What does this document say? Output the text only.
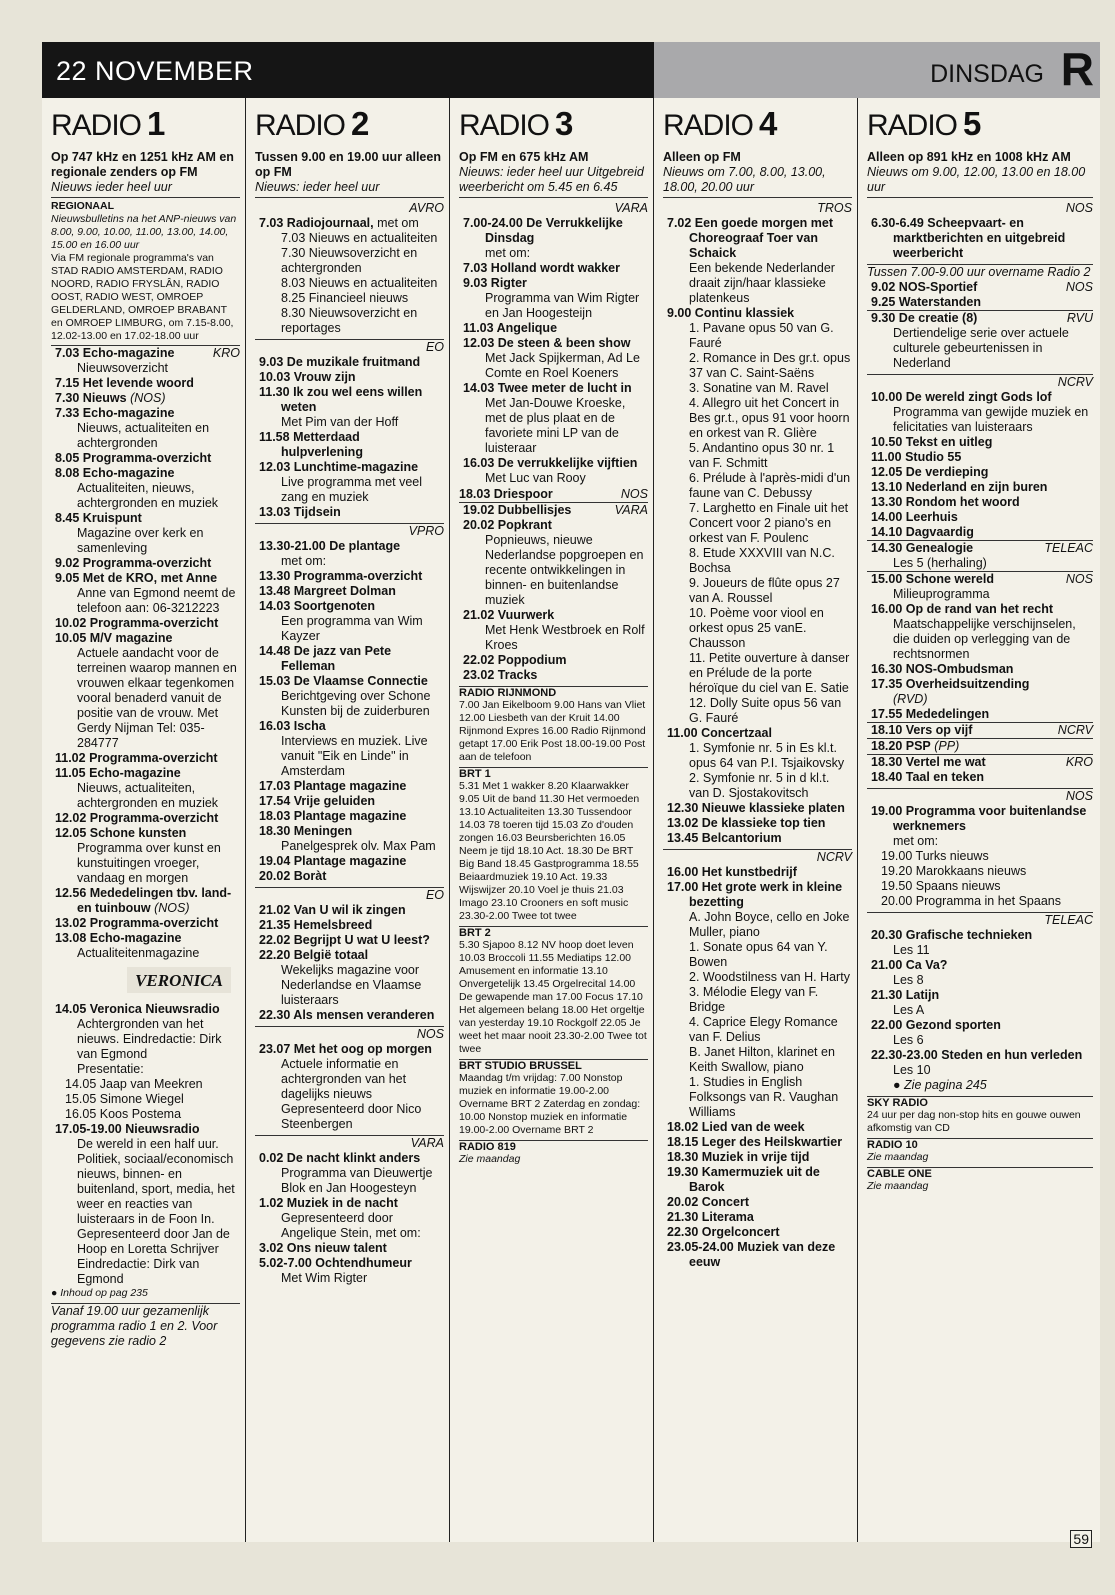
22 NOVEMBER	DINSDAG R
RADIO 1
Op 747 kHz en 1251 kHz AM en regionale zenders op FM
Nieuws ieder heel uur
REGIONAAL
Nieuwsbulletins na het ANP-nieuws van 8.00, 9.00, 10.00, 11.00, 13.00, 14.00, 15.00 en 16.00 uur
Via FM regionale programma's van STAD RADIO AMSTERDAM, RADIO NOORD, RADIO FRYSLÂN, RADIO OOST, RADIO WEST, OMROEP GELDERLAND, OMROEP BRABANT en OMROEP LIMBURG, om 7.15-8.00, 12.02-13.00 en 17.02-18.00 uur
KRO
7.03 Echo-magazine
Nieuwsoverzicht
7.15 Het levende woord
7.30 Nieuws (NOS)
7.33 Echo-magazine
Nieuws, actualiteiten en achtergronden
8.05 Programma-overzicht
8.08 Echo-magazine
Actualiteiten, nieuws, achtergronden en muziek
8.45 Kruispunt
Magazine over kerk en samenleving
9.02 Programma-overzicht
9.05 Met de KRO, met Anne
Anne van Egmond neemt de telefoon aan: 06-3212223
10.02 Programma-overzicht
10.05 M/V magazine
Actuele aandacht voor de terreinen waarop mannen en vrouwen elkaar tegenkomen vooral benaderd vanuit de positie van de vrouw. Met Gerdy Nijman Tel: 035-284777
11.02 Programma-overzicht
11.05 Echo-magazine
Nieuws, actualiteiten, achtergronden en muziek
12.02 Programma-overzicht
12.05 Schone kunsten
Programma over kunst en kunstuitingen vroeger, vandaag en morgen
12.56 Mededelingen tbv. land- en tuinbouw (NOS)
13.02 Programma-overzicht
13.08 Echo-magazine
Actualiteitenmagazine
VERONICA
14.05 Veronica Nieuwsradio
Achtergronden van het nieuws. Eindredactie: Dirk van Egmond
Presentatie:
14.05 Jaap van Meekren
15.05 Simone Wiegel
16.05 Koos Postema
17.05-19.00 Nieuwsradio
De wereld in een half uur. Politiek, sociaal/economisch nieuws, binnen- en buitenland, sport, media, het weer en reacties van luisteraars in de Foon In. Gepresenteerd door Jan de Hoop en Loretta Schrijver Eindredactie: Dirk van Egmond
● Inhoud op pag 235
Vanaf 19.00 uur gezamenlijk programma radio 1 en 2. Voor gegevens zie radio 2
RADIO 2
Tussen 9.00 en 19.00 uur alleen op FM
Nieuws: ieder heel uur
AVRO
7.03 Radiojournaal, met om
7.03 Nieuws en actualiteiten
7.30 Nieuwsoverzicht en achtergronden
8.03 Nieuws en actualiteiten
8.25 Financieel nieuws
8.30 Nieuwsoverzicht en reportages
EO
9.03 De muzikale fruitmand
10.03 Vrouw zijn
11.30 Ik zou wel eens willen weten
Met Pim van der Hoff
11.58 Metterdaad hulpverlening
12.03 Lunchtime-magazine
Live programma met veel zang en muziek
13.03 Tijdsein
VPRO
13.30-21.00 De plantage
met om:
13.30 Programma-overzicht
13.48 Margreet Dolman
14.03 Soortgenoten
Een programma van Wim Kayzer
14.48 De jazz van Pete Felleman
15.03 De Vlaamse Connectie
Berichtgeving over Schone Kunsten bij de zuiderburen
16.03 Ischa
Interviews en muziek. Live vanuit "Eik en Linde" in Amsterdam
17.03 Plantage magazine
17.54 Vrije geluiden
18.03 Plantage magazine
18.30 Meningen
Panelgesprek olv. Max Pam
19.04 Plantage magazine
20.02 Boràt
EO
21.02 Van U wil ik zingen
21.35 Hemelsbreed
22.02 Begrijpt U wat U leest?
22.20 België totaal
Wekelijks magazine voor Nederlandse en Vlaamse luisteraars
22.30 Als mensen veranderen
NOS
23.07 Met het oog op morgen
Actuele informatie en achtergronden van het dagelijks nieuws Gepresenteerd door Nico Steenbergen
VARA
0.02 De nacht klinkt anders
Programma van Dieuwertje Blok en Jan Hoogesteyn
1.02 Muziek in de nacht
Gepresenteerd door Angelique Stein, met om:
3.02 Ons nieuw talent
5.02-7.00 Ochtendhumeur
Met Wim Rigter
RADIO 3
Op FM en 675 kHz AM
Nieuws: ieder heel uur Uitgebreid weerbericht om 5.45 en 6.45
VARA
7.00-24.00 De Verrukkelijke Dinsdag
met om:
7.03 Holland wordt wakker
9.03 Rigter
Programma van Wim Rigter en Jan Hoogesteijn
11.03 Angelique
12.03 De steen & been show
Met Jack Spijkerman, Ad Le Comte en Roel Koeners
14.03 Twee meter de lucht in
Met Jan-Douwe Kroeske, met de plus plaat en de favoriete mini LP van de luisteraar
16.03 De verrukkelijke vijftien
Met Luc van Rooy
18.03 Driespoor	NOS
VARA
19.02 Dubbellisjes
20.02 Popkrant
Popnieuws, nieuwe Nederlandse popgroepen en recente ontwikkelingen in binnen- en buitenlandse muziek
21.02 Vuurwerk
Met Henk Westbroek en Rolf Kroes
22.02 Poppodium
23.02 Tracks
RADIO RIJNMOND
7.00 Jan Eikelboom 9.00 Hans van Vliet 12.00 Liesbeth van der Kruit 14.00 Rijnmond Expres 16.00 Radio Rijnmond getapt 17.00 Erik Post 18.00-19.00 Post aan de telefoon
BRT 1
5.31 Met 1 wakker 8.20 Klaarwakker 9.05 Uit de band 11.30 Het vermoeden 13.10 Actualiteiten 13.30 Tussendoor 14.03 78 toeren tijd 15.03 Zo d'ouden zongen 16.03 Beursberichten 16.05 Neem je tijd 18.10 Act. 18.30 De BRT Big Band 18.45 Gastprogramma 18.55 Beiaardmuziek 19.10 Act. 19.33 Wijswijzer 20.10 Voel je thuis 21.03 Imago 23.10 Crooners en soft music 23.30-2.00 Twee tot twee
BRT 2
5.30 Sjapoo 8.12 NV hoop doet leven 10.03 Broccoli 11.55 Mediatips 12.00 Amusement en informatie 13.10 Onvergetelijk 13.45 Orgelrecital 14.00 De gewapende man 17.00 Focus 17.10 Het algemeen belang 18.00 Het orgeltje van yesterday 19.10 Rockgolf 22.05 Je weet het maar nooit 23.30-2.00 Twee tot twee
BRT STUDIO BRUSSEL
Maandag t/m vrijdag: 7.00 Nonstop muziek en informatie 19.00-2.00 Overname BRT 2 Zaterdag en zondag: 10.00 Nonstop muziek en informatie 19.00-2.00 Overname BRT 2
RADIO 819
Zie maandag
RADIO 4
Alleen op FM
Nieuws om 7.00, 8.00, 13.00, 18.00, 20.00 uur
TROS
7.02 Een goede morgen met Choreograaf Toer van Schaick
Een bekende Nederlander draait zijn/haar klassieke platenkeus
9.00 Continu klassiek
1. Pavane opus 50 van G. Fauré
2. Romance in Des gr.t. opus 37 van C. Saint-Saëns
3. Sonatine van M. Ravel
4. Allegro uit het Concert in Bes gr.t., opus 91 voor hoorn en orkest van R. Glière
5. Andantino opus 30 nr. 1 van F. Schmitt
6. Prélude à l'après-midi d'un faune van C. Debussy
7. Larghetto en Finale uit het Concert voor 2 piano's en orkest van F. Poulenc
8. Etude XXXVIII van N.C. Bochsa
9. Joueurs de flûte opus 27 van A. Roussel
10. Poème voor viool en orkest opus 25 vanE. Chausson
11. Petite ouverture à danser en Prélude de la porte héroïque du ciel van E. Satie
12. Dolly Suite opus 56 van G. Fauré
11.00 Concertzaal
1. Symfonie nr. 5 in Es kl.t. opus 64 van P.I. Tsjaikovsky
2. Symfonie nr. 5 in d kl.t. van D. Sjostakovitsch
12.30 Nieuwe klassieke platen
13.02 De klassieke top tien
13.45 Belcantorium
NCRV
16.00 Het kunstbedrijf
17.00 Het grote werk in kleine bezetting
A. John Boyce, cello en Joke Muller, piano
1. Sonate opus 64 van Y. Bowen
2. Woodstilness van H. Harty
3. Mélodie Elegy van F. Bridge
4. Caprice Elegy Romance van F. Delius
B. Janet Hilton, klarinet en Keith Swallow, piano
1. Studies in English Folksongs van R. Vaughan Williams
18.02 Lied van de week
18.15 Leger des Heilskwartier
18.30 Muziek in vrije tijd
19.30 Kamermuziek uit de Barok
20.02 Concert
21.30 Literama
22.30 Orgelconcert
23.05-24.00 Muziek van deze eeuw
RADIO 5
Alleen op 891 kHz en 1008 kHz AM
Nieuws om 9.00, 12.00, 13.00 en 18.00 uur
NOS
6.30-6.49 Scheepvaart- en marktberichten en uitgebreid weerbericht
Tussen 7.00-9.00 uur overname Radio 2
NOS
9.02 NOS-Sportief
9.25 Waterstanden
RVU
9.30 De creatie (8)
Dertiendelige serie over actuele culturele gebeurtenissen in Nederland
NCRV
10.00 De wereld zingt Gods lof
Programma van gewijde muziek en felicitaties van luisteraars
10.50 Tekst en uitleg
11.00 Studio 55
12.05 De verdieping
13.10 Nederland en zijn buren
13.30 Rondom het woord
14.00 Leerhuis
14.10 Dagvaardig
TELEAC
14.30 Genealogie
Les 5 (herhaling)
NOS
15.00 Schone wereld
Milieuprogramma
16.00 Op de rand van het recht
Maatschappelijke verschijnselen, die duiden op verlegging van de rechtsnormen
16.30 NOS-Ombudsman
17.35 Overheidsuitzending
(RVD)
17.55 Mededelingen
NCRV
18.10 Vers op vijf
18.20 PSP (PP)
KRO
18.30 Vertel me wat
18.40 Taal en teken
NOS
19.00 Programma voor buitenlandse werknemers
met om:
19.00 Turks nieuws
19.20 Marokkaans nieuws
19.50 Spaans nieuws
20.00 Programma in het Spaans
TELEAC
20.30 Grafische technieken
Les 11
21.00 Ca Va?
Les 8
21.30 Latijn
Les A
22.00 Gezond sporten
Les 6
22.30-23.00 Steden en hun verleden
Les 10
● Zie pagina 245
SKY RADIO
24 uur per dag non-stop hits en gouwe ouwen afkomstig van CD
RADIO 10
Zie maandag
CABLE ONE
Zie maandag
59
